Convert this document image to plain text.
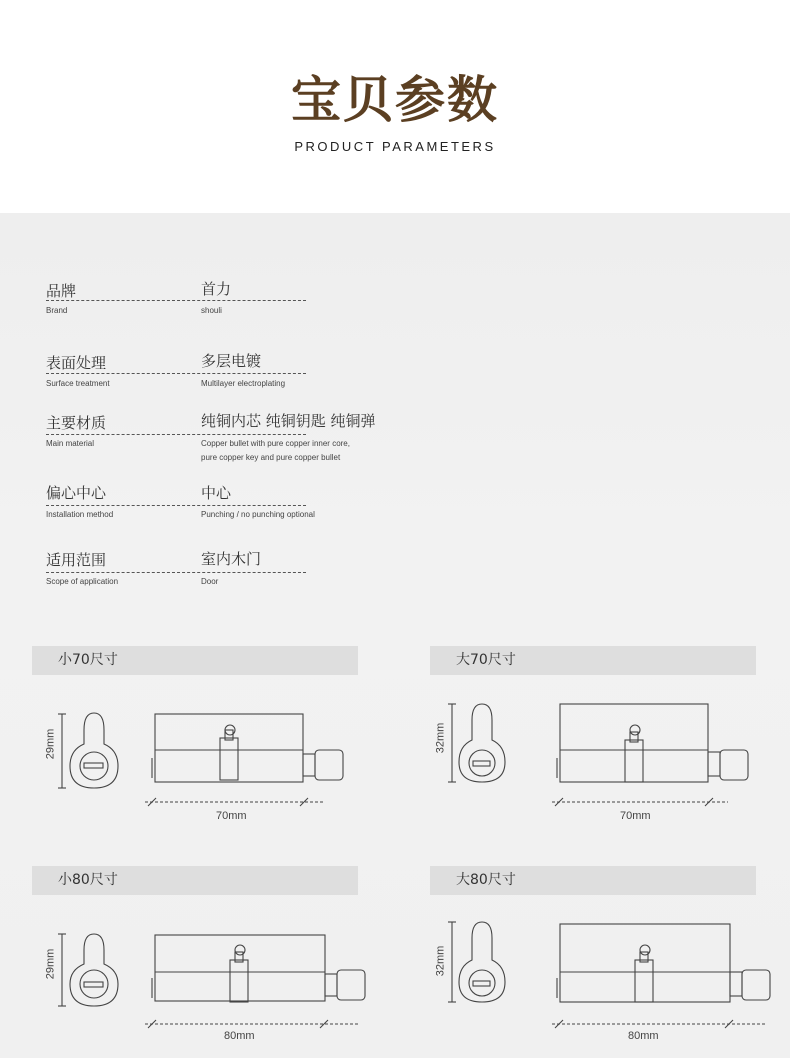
宝贝参数
PRODUCT PARAMETERS
品牌	首力
Brand	shouli
表面处理	多层电镀
Surface treatment	Multilayer electroplating
主要材质	纯铜内芯 纯铜钥匙 纯铜弹
Main material	Copper bullet with pure copper inner core,
pure copper key and pure copper bullet
偏心中心	中心
Installation method	Punching / no punching optional
适用范围	室内木门
Scope of application	Door
小70尺寸	大70尺寸
小80尺寸	大80尺寸
29mm
70mm
32mm
70mm
29mm
80mm
32mm
80mm
